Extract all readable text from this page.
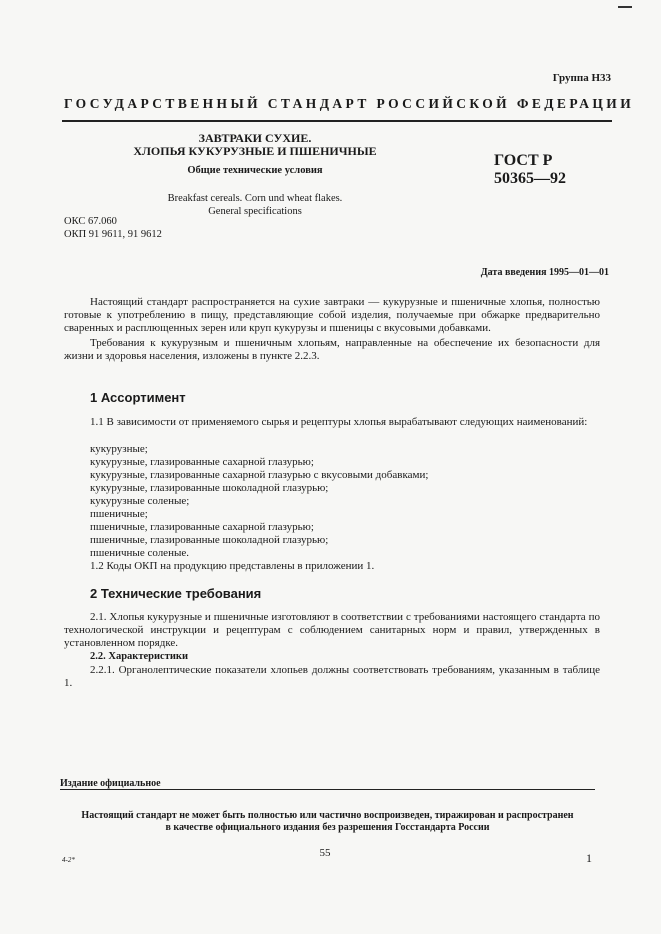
Группа Н33
ГОСУДАРСТВЕННЫЙ СТАНДАРТ РОССИЙСКОЙ ФЕДЕРАЦИИ
ЗАВТРАКИ СУХИЕ.
ХЛОПЬЯ КУКУРУЗНЫЕ И ПШЕНИЧНЫЕ
Общие технические условия
ГОСТ Р
50365—92
Breakfast cereals. Corn und wheat flakes.
General specifications
ОКС 67.060
ОКП 91 9611, 91 9612
Дата введения 1995—01—01

Настоящий стандарт распространяется на сухие завтраки — кукурузные и пшеничные хлопья, полностью готовые к употреблению в пищу, представляющие собой изделия, получаемые при обжарке предварительно сваренных и расплющенных зерен или круп кукурузы и пшеницы с вкусовыми добавками.

Требования к кукурузным и пшеничным хлопьям, направленные на обеспечение их безопасности для жизни и здоровья населения, изложены в пункте 2.2.3.

1 Ассортимент

1.1 В зависимости от применяемого сырья и рецептуры хлопья вырабатывают следующих наименований:

кукурузные;
кукурузные, глазированные сахарной глазурью;
кукурузные, глазированные сахарной глазурью с вкусовыми добавками;
кукурузные, глазированные шоколадной глазурью;
кукурузные соленые;
пшеничные;
пшеничные, глазированные сахарной глазурью;
пшеничные, глазированные шоколадной глазурью;
пшеничные соленые.
1.2 Коды ОКП на продукцию представлены в приложении 1.
2 Технические требования

2.1. Хлопья кукурузные и пшеничные изготовляют в соответствии с требованиями настоящего стандарта по технологической инструкции и рецептурам с соблюдением санитарных норм и правил, утвержденных в установленном порядке.

2.2. Характеристики

2.2.1. Органолептические показатели хлопьев должны соответствовать требованиям, указанным в таблице 1.

Издание официальное
Настоящий стандарт не может быть полностью или частично воспроизведен, тиражирован и распространен
в качестве официального издания без разрешения Госстандарта России
4-2*
55	1
